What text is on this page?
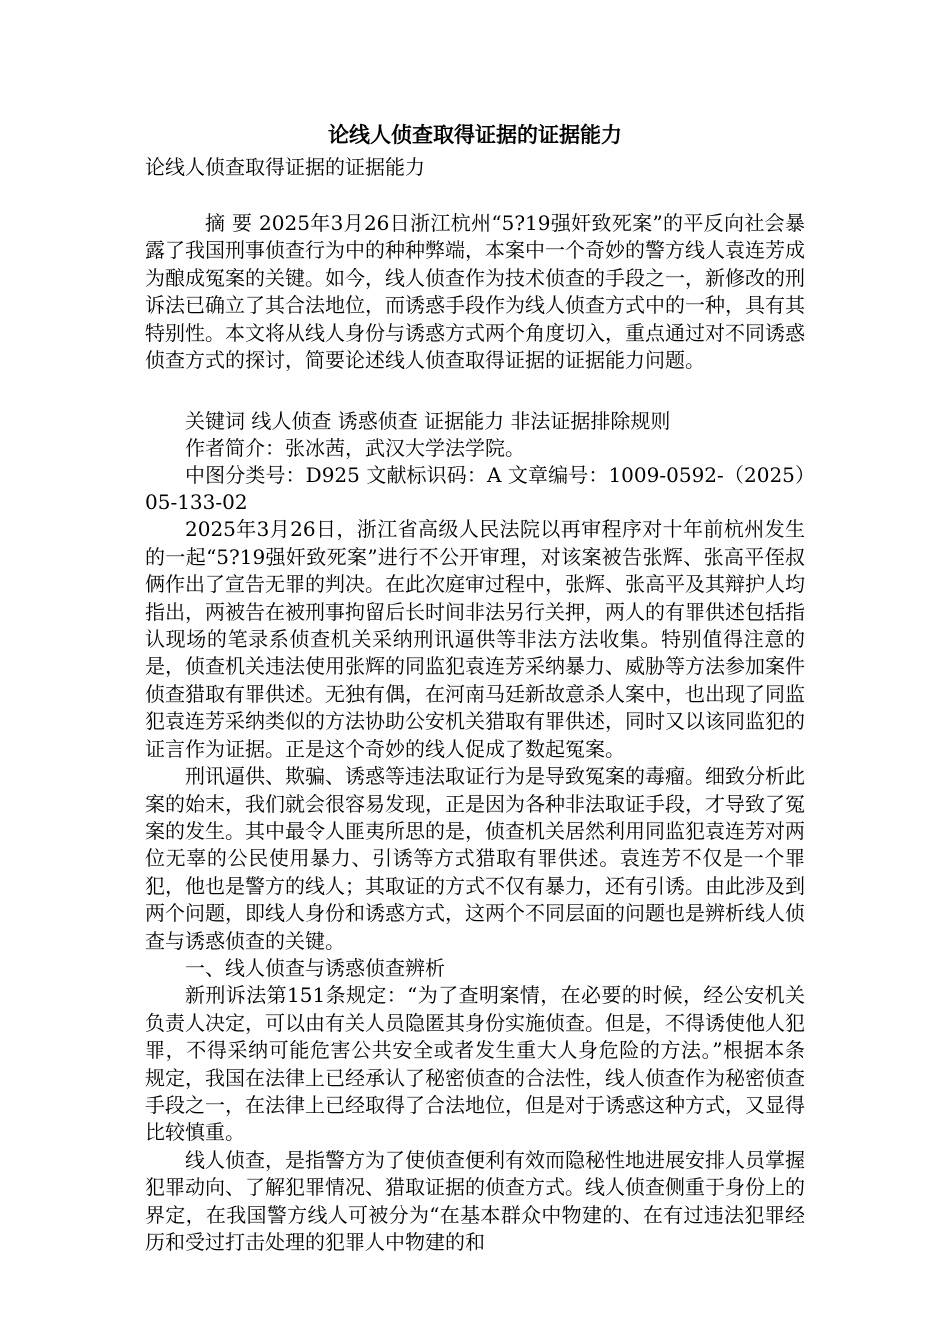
论线人侦查取得证据的证据能力
论线人侦查取得证据的证据能力

摘 要 2025年3月26日浙江杭州“5?19强奸致死案”的平反向社会暴露了我国刑事侦查行为中的种种弊端，本案中一个奇妙的警方线人袁连芳成为酿成冤案的关键。如今，线人侦查作为技术侦查的手段之一，新修改的刑诉法已确立了其合法地位，而诱惑手段作为线人侦查方式中的一种，具有其特别性。本文将从线人身份与诱惑方式两个角度切入，重点通过对不同诱惑侦查方式的探讨，简要论述线人侦查取得证据的证据能力问题。

关键词 线人侦查 诱惑侦查 证据能力 非法证据排除规则

作者简介：张冰茜，武汉大学法学院。

中图分类号：D925 文献标识码：A 文章编号：1009-0592-（2025）05-133-02

2025年3月26日，浙江省高级人民法院以再审程序对十年前杭州发生的一起“5?19强奸致死案”进行不公开审理，对该案被告张辉、张高平侄叔俩作出了宣告无罪的判决。在此次庭审过程中，张辉、张高平及其辩护人均指出，两被告在被刑事拘留后长时间非法另行关押，两人的有罪供述包括指认现场的笔录系侦查机关采纳刑讯逼供等非法方法收集。特别值得注意的是，侦查机关违法使用张辉的同监犯袁连芳采纳暴力、威胁等方法参加案件侦查猎取有罪供述。无独有偶，在河南马廷新故意杀人案中，也出现了同监犯袁连芳采纳类似的方法协助公安机关猎取有罪供述，同时又以该同监犯的证言作为证据。正是这个奇妙的线人促成了数起冤案。

刑讯逼供、欺骗、诱惑等违法取证行为是导致冤案的毒瘤。细致分析此案的始末，我们就会很容易发现，正是因为各种非法取证手段，才导致了冤案的发生。其中最令人匪夷所思的是，侦查机关居然利用同监犯袁连芳对两位无辜的公民使用暴力、引诱等方式猎取有罪供述。袁连芳不仅是一个罪犯，他也是警方的线人；其取证的方式不仅有暴力，还有引诱。由此涉及到两个问题，即线人身份和诱惑方式，这两个不同层面的问题也是辨析线人侦查与诱惑侦查的关键。

一、线人侦查与诱惑侦查辨析

新刑诉法第151条规定：“为了查明案情，在必要的时候，经公安机关负责人决定，可以由有关人员隐匿其身份实施侦查。但是，不得诱使他人犯罪，不得采纳可能危害公共安全或者发生重大人身危险的方法。”根据本条规定，我国在法律上已经承认了秘密侦查的合法性，线人侦查作为秘密侦查手段之一，在法律上已经取得了合法地位，但是对于诱惑这种方式，又显得比较慎重。

线人侦查，是指警方为了使侦查便利有效而隐秘性地进展安排人员掌握犯罪动向、了解犯罪情况、猎取证据的侦查方式。线人侦查侧重于身份上的界定，在我国警方线人可被分为“在基本群众中物建的、在有过违法犯罪经历和受过打击处理的犯罪人中物建的和
